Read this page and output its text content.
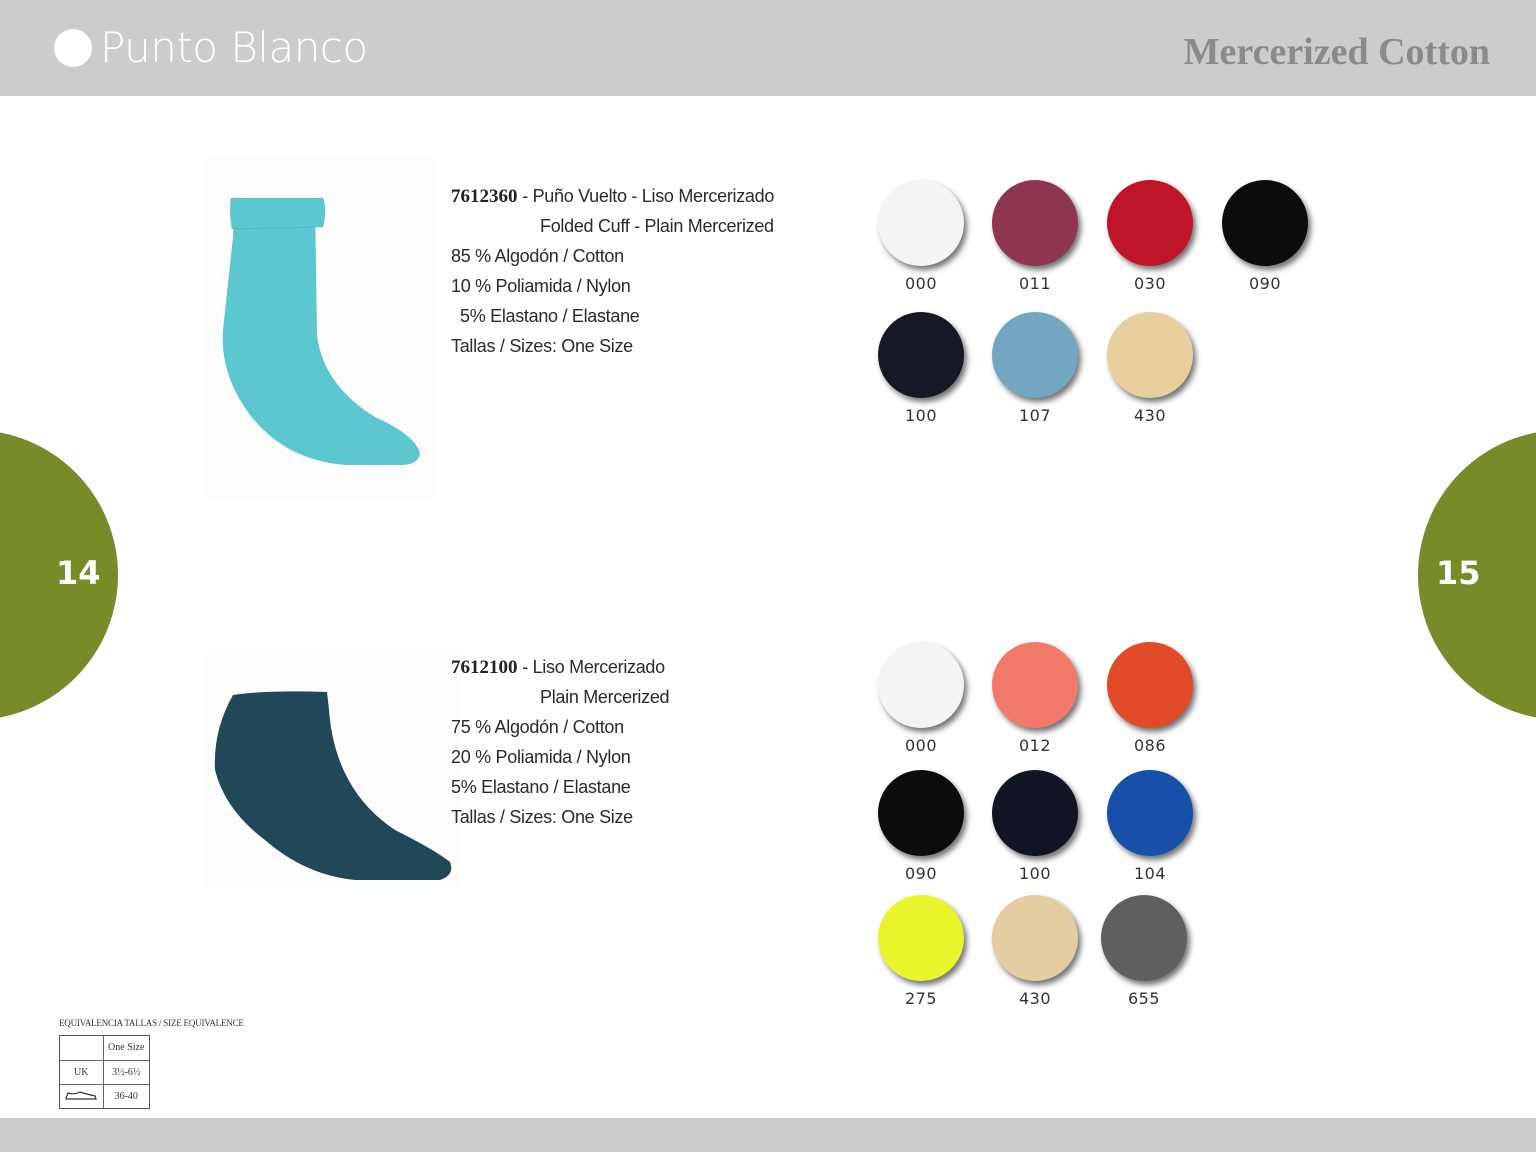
Punto Blanco	Mercerized Cotton
14	15
7612360 - Puño Vuelto - Liso Mercerizado
Folded Cuff - Plain Mercerized
85 % Algodón / Cotton
10 % Poliamida / Nylon
5% Elastano / Elastane
Tallas / Sizes: One Size
000	011	030	090
100	107	430
7612100 - Liso Mercerizado
Plain Mercerized
75 % Algodón / Cotton
20 % Poliamida / Nylon
5% Elastano / Elastane
Tallas / Sizes: One Size
000	012	086
090	100	104
275	430	655
EQUIVALENCIA TALLAS / SIZE EQUIVALENCE
	One Size
UK	3½-6½
	36-40
